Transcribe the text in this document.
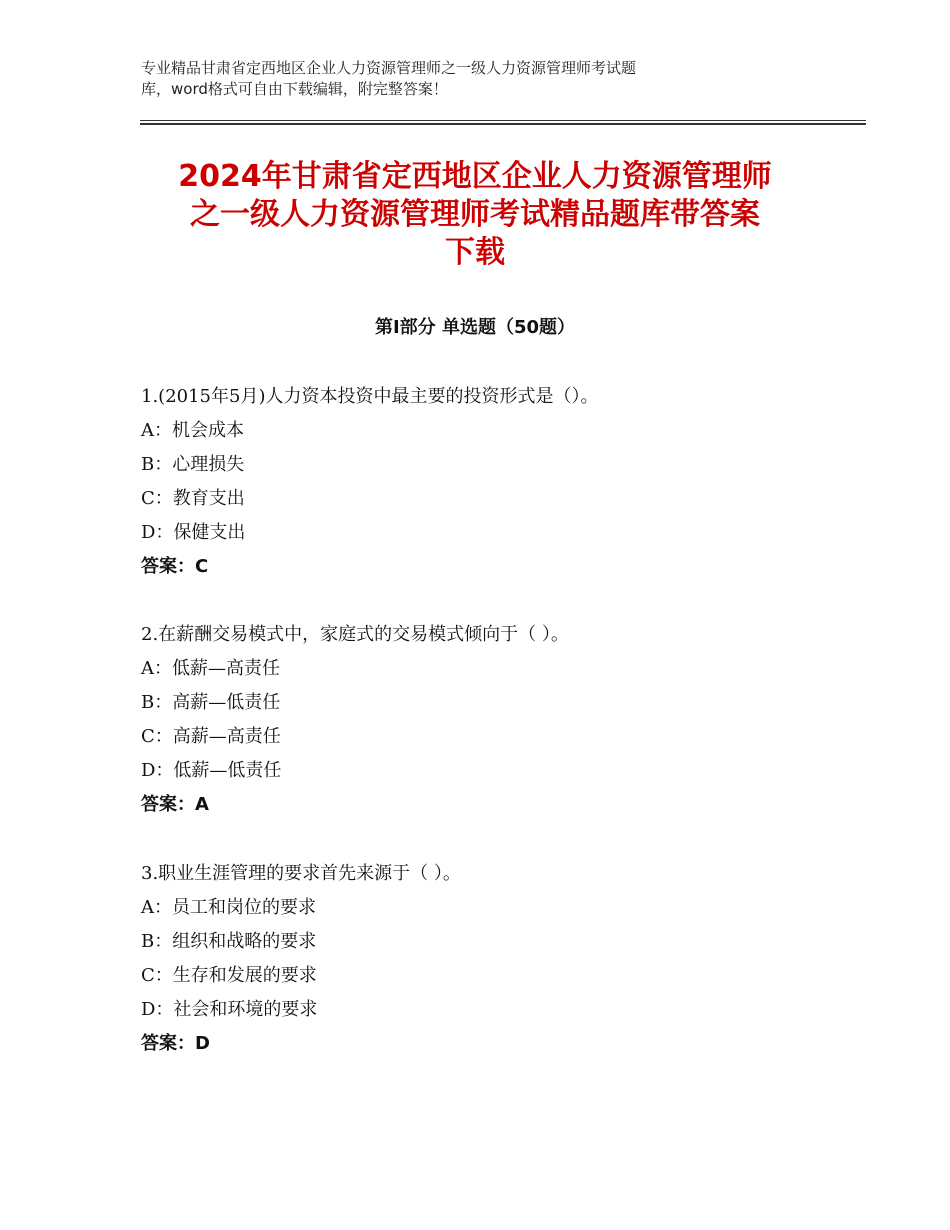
专业精品甘肃省定西地区企业人力资源管理师之一级人力资源管理师考试题
库，word格式可自由下载编辑，附完整答案！
2024年甘肃省定西地区企业人力资源管理师
之一级人力资源管理师考试精品题库带答案
下载
第Ⅰ部分 单选题（50题）
1.(2015年5月)人力资本投资中最主要的投资形式是（）。
A：机会成本
B：心理损失
C：教育支出
D：保健支出
答案：C
2.在薪酬交易模式中，家庭式的交易模式倾向于（ ）。
A：低薪—高责任
B：高薪—低责任
C：高薪—高责任
D：低薪—低责任
答案：A
3.职业生涯管理的要求首先来源于（ ）。
A：员工和岗位的要求
B：组织和战略的要求
C：生存和发展的要求
D：社会和环境的要求
答案：D
